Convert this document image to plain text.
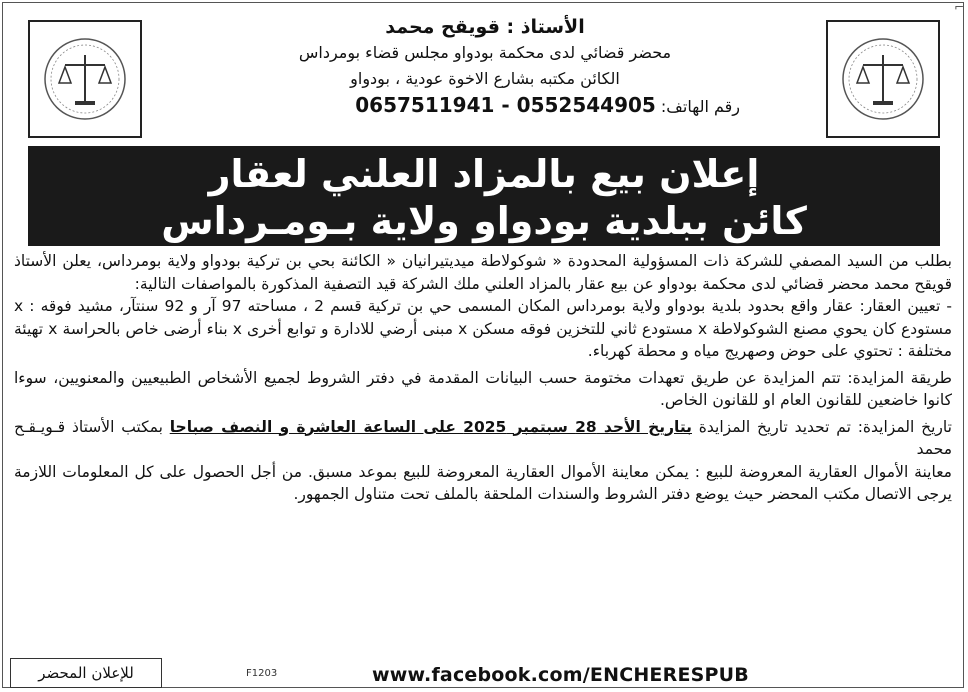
⌐
الأستاذ : قويقح محمد
محضر قضائي لدى محكمة بودواو مجلس قضاء بومرداس
الكائن مكتبه بشارع الاخوة عودية ، بودواو
رقم الهاتف: 0657511941 - 0552544905
إعلان بيع بالمزاد العلني لعقار
كائن ببلدية بودواو ولاية بـومـرداس

بطلب من السيد المصفي للشركة ذات المسؤولية المحدودة « شوكولاطة ميديتيرانيان « الكائنة بحي بن تركية بودواو ولاية بومرداس، يعلن الأستاذ قويقح محمد محضر قضائي لدى محكمة بودواو عن بيع عقار بالمزاد العلني ملك الشركة قيد التصفية المذكورة بالمواصفات التالية:

- تعيين العقار: عقار واقع بحدود بلدية بودواو ولاية بومرداس المكان المسمى حي بن تركية قسم 2 ، مساحته 97 آر و 92 سنتآر، مشيد فوقه : x مستودع كان يحوي مصنع الشوكولاطة x مستودع ثاني للتخزين فوقه مسكن x مبنى أرضي للادارة و توابع أخرى x بناء أرضى خاص بالحراسة x تهيئة مختلفة : تحتوي على حوض وصهريج مياه و محطة كهرباء.

طريقة المزايدة: تتم المزايدة عن طريق تعهدات مختومة حسب البيانات المقدمة في دفتر الشروط لجميع الأشخاص الطبيعيين والمعنويين، سوءا كانوا خاضعين للقانون العام او للقانون الخاص.

تاريخ المزايدة: تم تحديد تاريخ المزايدة بتاريخ الأحد 28 سبتمبر 2025 على الساعة العاشرة و النصف صباحا بمكتب الأستاذ قـويـقـح محمد

معاينة الأموال العقارية المعروضة للبيع : يمكن معاينة الأموال العقارية المعروضة للبيع بموعد مسبق. من أجل الحصول على كل المعلومات اللازمة يرجى الاتصال مكتب المحضر حيث يوضع دفتر الشروط والسندات الملحقة بالملف تحت متناول الجمهور.

للإعلان المحضر	F1203	www.facebook.com/ENCHERESPUB
